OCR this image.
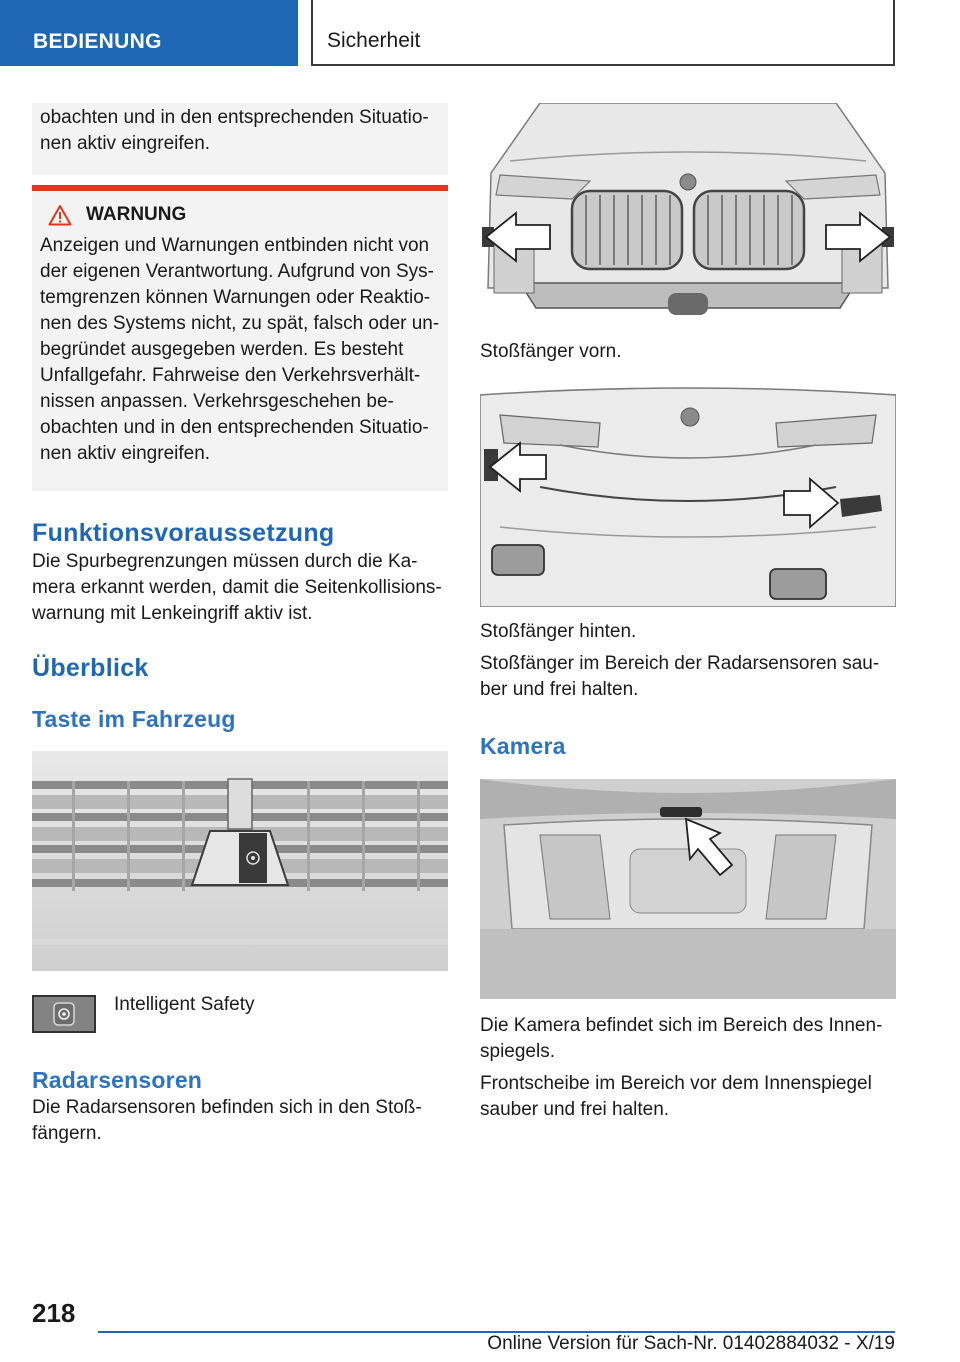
BEDIENUNG	Sicherheit

obachten und in den entsprechenden Situatio-nen aktiv eingreifen.

WARNUNG

Anzeigen und Warnungen entbinden nicht von der eigenen Verantwortung. Aufgrund von Sys-temgrenzen können Warnungen oder Reaktio-nen des Systems nicht, zu spät, falsch oder un-begründet ausgegeben werden. Es besteht Unfallgefahr. Fahrweise den Verkehrsverhält-nissen anpassen. Verkehrsgeschehen be-obachten und in den entsprechenden Situatio-nen aktiv eingreifen.

Funktionsvoraussetzung

Die Spurbegrenzungen müssen durch die Ka-mera erkannt werden, damit die Seitenkollisions-warnung mit Lenkeingriff aktiv ist.

Überblick
Taste im Fahrzeug
Intelligent Safety
Radarsensoren

Die Radarsensoren befinden sich in den Stoß-fängern.

Stoßfänger vorn.

Stoßfänger hinten.

Stoßfänger im Bereich der Radarsensoren sau-ber und frei halten.

Kamera

Die Kamera befindet sich im Bereich des Innen-spiegels.

Frontscheibe im Bereich vor dem Innenspiegel sauber und frei halten.

218
Online Version für Sach-Nr. 01402884032 - X/19
